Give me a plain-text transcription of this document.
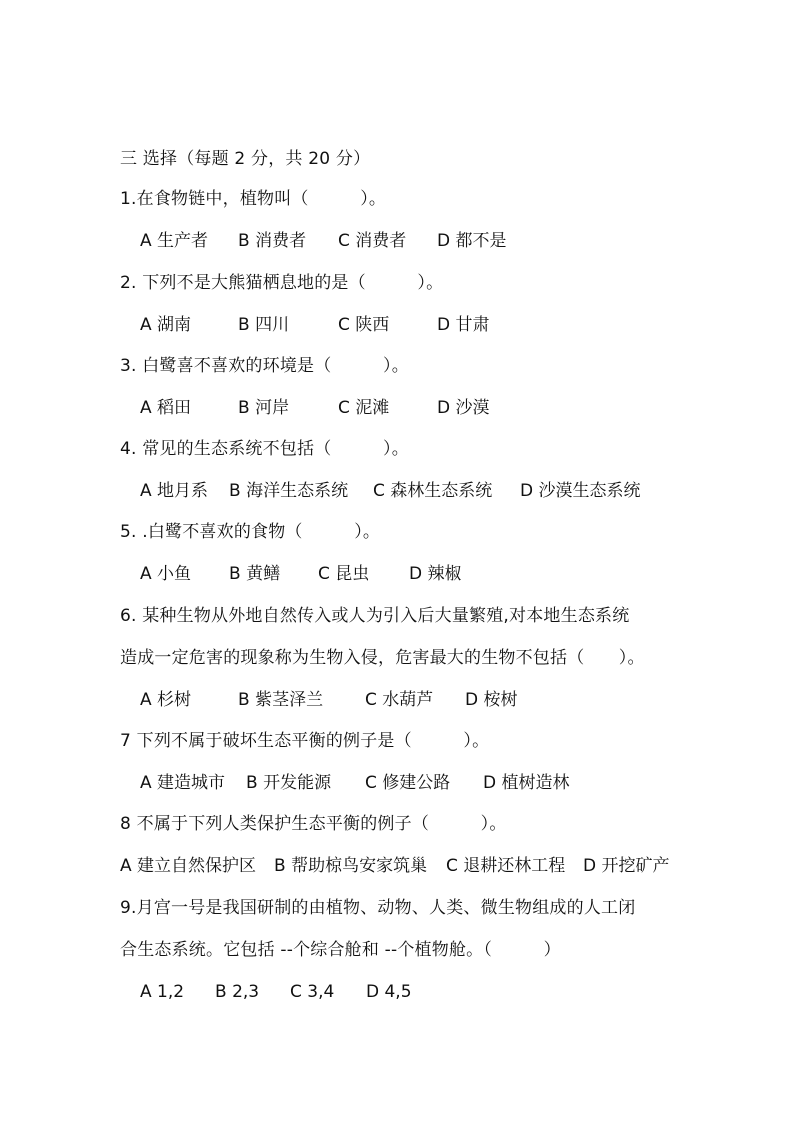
三 选择（每题 2 分，共 20 分）
1.在食物链中，植物叫（　　　）。
A 生产者 B 消费者 C 消费者 D 都不是
2. 下列不是大熊猫栖息地的是（　　　）。
A 湖南	B 四川	C 陕西	D 甘肃
3. 白鹭喜不喜欢的环境是（　　　）。
A 稻田	B 河岸	C 泥滩	D 沙漠
4. 常见的生态系统不包括（　　　）。
A 地月系 B 海洋生态系统 C 森林生态系统 D 沙漠生态系统
5. .白鹭不喜欢的食物（　　　）。
A 小鱼 B 黄鳝 C 昆虫 D 辣椒
6. 某种生物从外地自然传入或人为引入后大量繁殖,对本地生态系统
造成一定危害的现象称为生物入侵，危害最大的生物不包括（　　）。
A 杉树	B 紫茎泽兰 C 水葫芦 D 桉树
7 下列不属于破坏生态平衡的例子是（　　　）。
A 建造城市 B 开发能源 C 修建公路 D 植树造林
8 不属于下列人类保护生态平衡的例子（　　　）。
A 建立自然保护区 B 帮助椋鸟安家筑巢 C 退耕还林工程 D 开挖矿产
9.月宫一号是我国研制的由植物、动物、人类、微生物组成的人工闭
合生态系统。它包括 --个综合舱和 --个植物舱。（　　　）
A 1,2 B 2,3 C 3,4 D 4,5
